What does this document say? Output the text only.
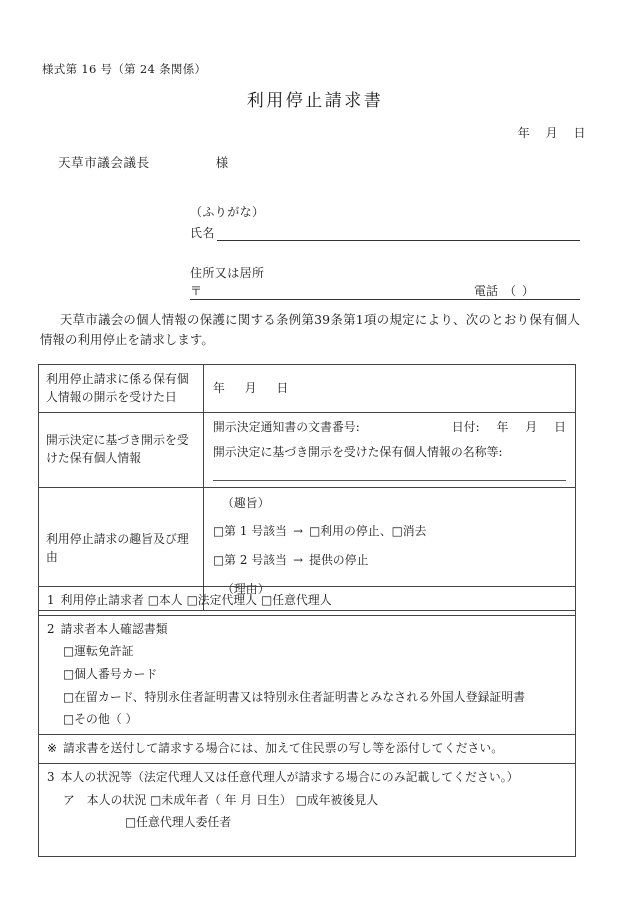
様式第 16 号（第 24 条関係）
利用停止請求書
年 月 日
天草市議会議長	様
（ふりがな）
氏名
住所又は居所
〒	電話 （ ）
天草市議会の個人情報の保護に関する条例第39条第1項の規定により、次のとおり保有個人情報の利用停止を請求します。
利用停止請求に係る保有個人情報の開示を受けた日	年 月 日
開示決定に基づき開示を受けた保有個人情報	開示決定通知書の文書番号: 日付: 年 月 日
開示決定に基づき開示を受けた保有個人情報の名称等:

利用停止請求の趣旨及び理由	（趣旨）
□第 1 号該当 → □利用の停止、□消去
□第 2 号該当 → 提供の停止
（理由）
1 利用停止請求者 □本人 □法定代理人 □任意代理人

2 請求者本人確認書類
□運転免許証
□個人番号カード
□在留カード、特別永住者証明書又は特別永住者証明書とみなされる外国人登録証明書
□その他（ ）

※ 請求書を送付して請求する場合には、加えて住民票の写し等を添付してください。

3 本人の状況等（法定代理人又は任意代理人が請求する場合にのみ記載してください。）
ア　本人の状況 □未成年者（ 年 月 日生） □成年被後見人
□任意代理人委任者
